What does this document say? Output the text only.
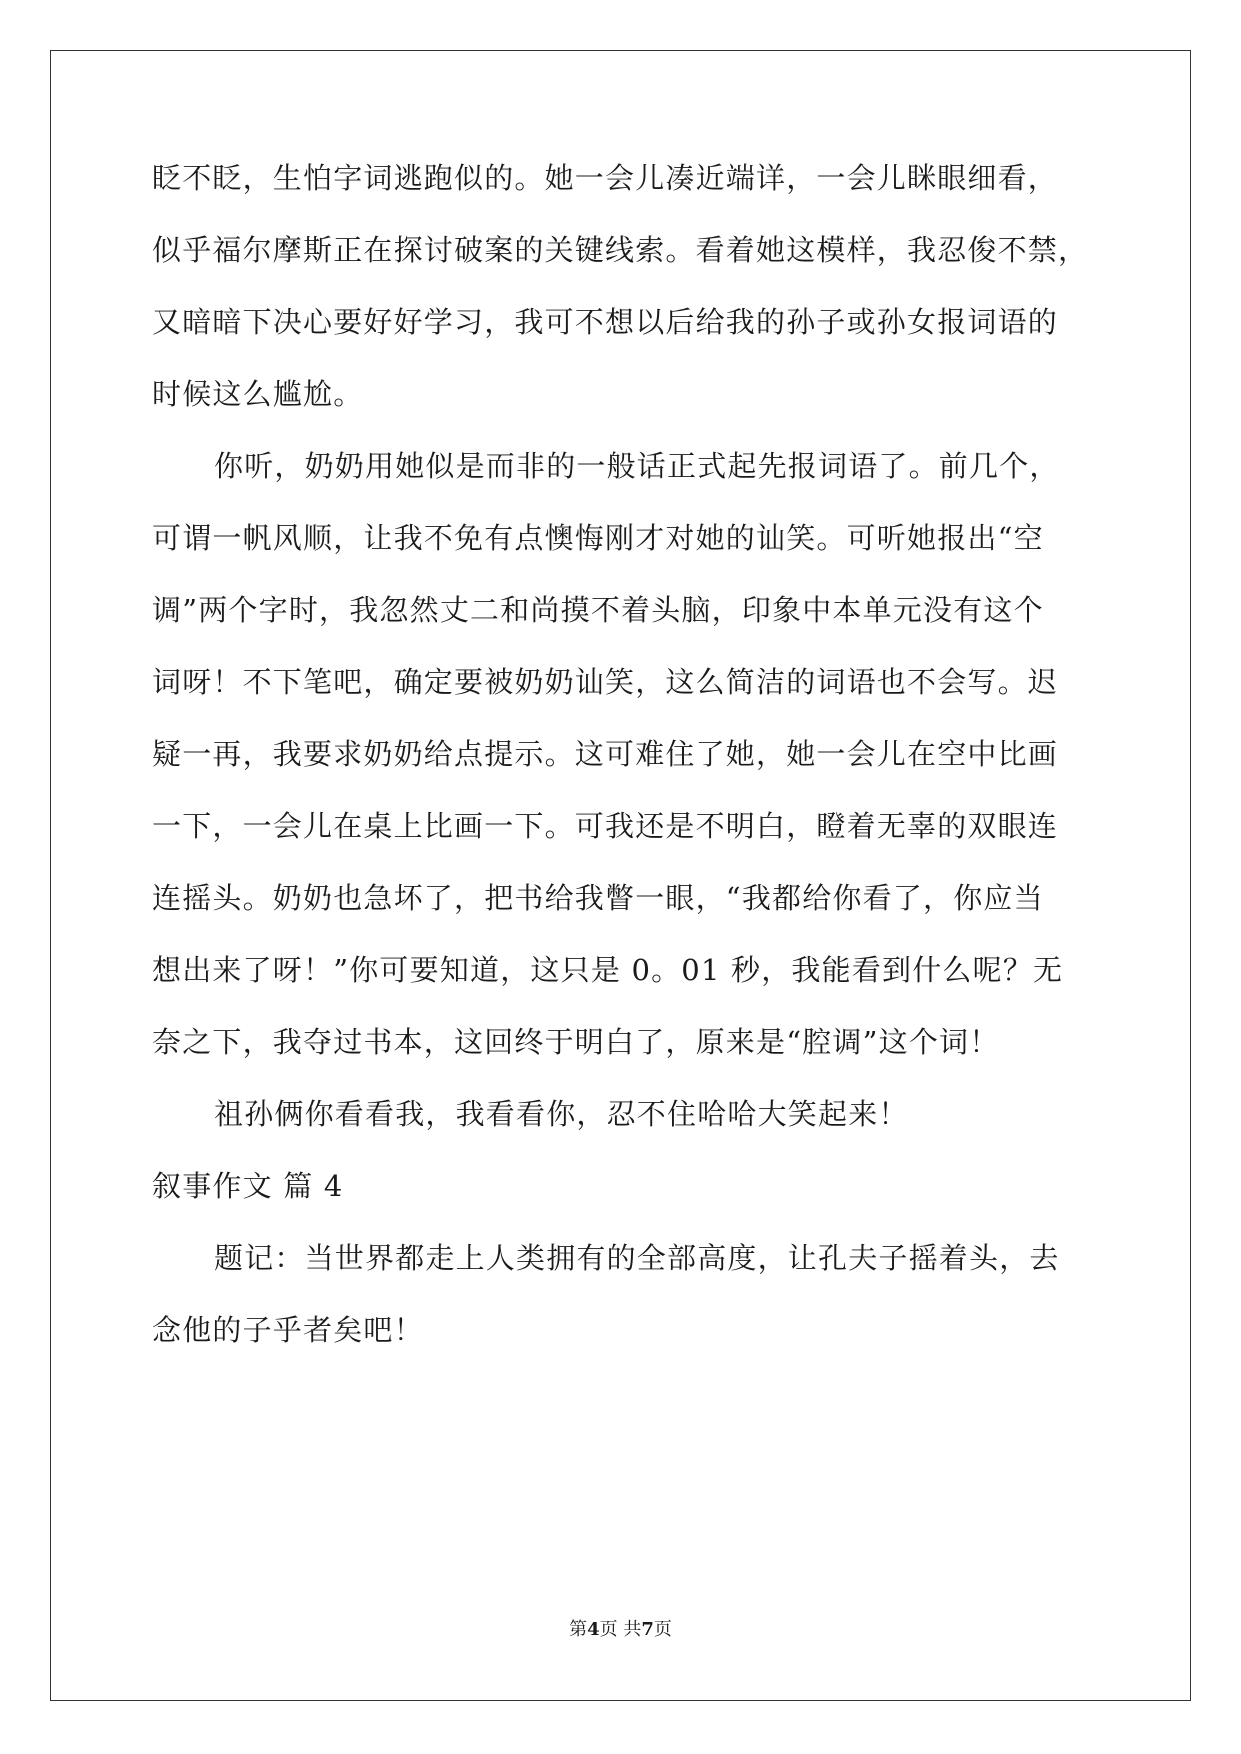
眨不眨，生怕字词逃跑似的。她一会儿凑近端详，一会儿眯眼细看，
似乎福尔摩斯正在探讨破案的关键线索。看着她这模样，我忍俊不禁，
又暗暗下决心要好好学习，我可不想以后给我的孙子或孙女报词语的
时候这么尴尬。
你听，奶奶用她似是而非的一般话正式起先报词语了。前几个，
可谓一帆风顺，让我不免有点懊悔刚才对她的讪笑。可听她报出“空
调”两个字时，我忽然丈二和尚摸不着头脑，印象中本单元没有这个
词呀！不下笔吧，确定要被奶奶讪笑，这么简洁的词语也不会写。迟
疑一再，我要求奶奶给点提示。这可难住了她，她一会儿在空中比画
一下，一会儿在桌上比画一下。可我还是不明白，瞪着无辜的双眼连
连摇头。奶奶也急坏了，把书给我瞥一眼，“我都给你看了，你应当
想出来了呀！”你可要知道，这只是 0。01 秒，我能看到什么呢？无
奈之下，我夺过书本，这回终于明白了，原来是“腔调”这个词！
祖孙俩你看看我，我看看你，忍不住哈哈大笑起来！
叙事作文 篇 4
题记：当世界都走上人类拥有的全部高度，让孔夫子摇着头，去
念他的子乎者矣吧！
第4页 共7页
